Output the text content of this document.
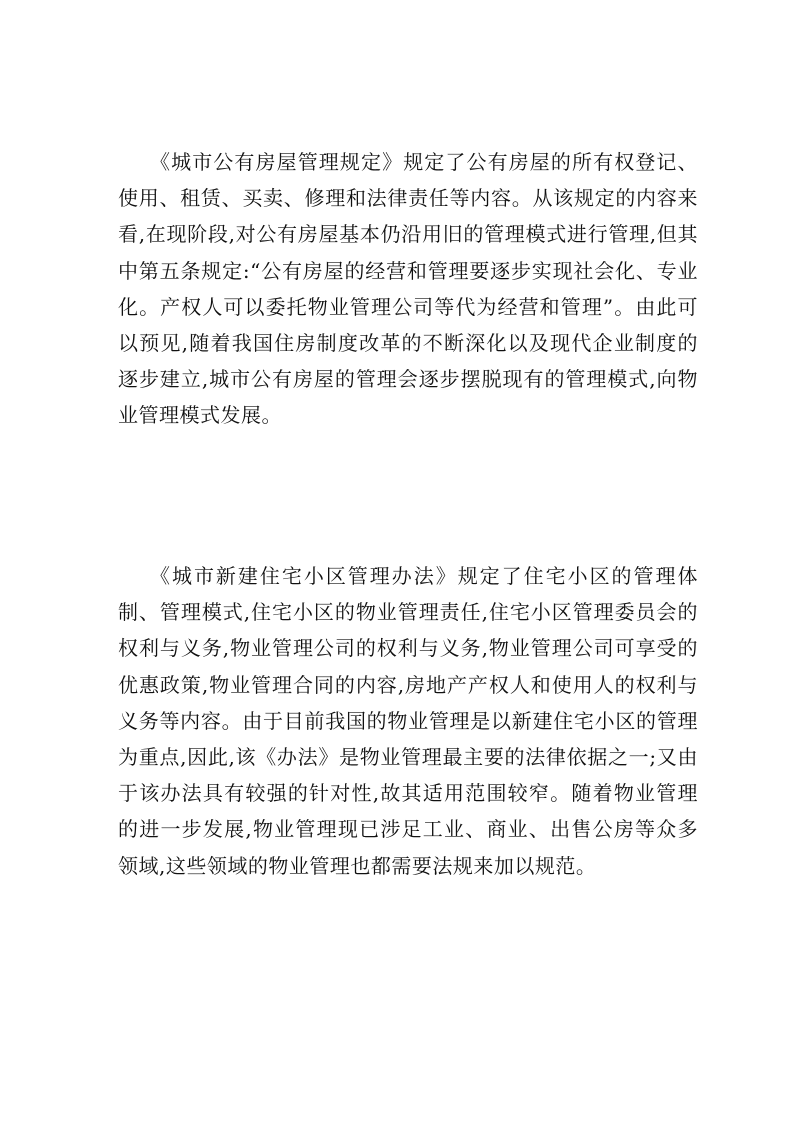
《城市公有房屋管理规定》规定了公有房屋的所有权登记、使用、租赁、买卖、修理和法律责任等内容。从该规定的内容来看,在现阶段,对公有房屋基本仍沿用旧的管理模式进行管理,但其中第五条规定:“公有房屋的经营和管理要逐步实现社会化、专业化。产权人可以委托物业管理公司等代为经营和管理”。由此可以预见,随着我国住房制度改革的不断深化以及现代企业制度的逐步建立,城市公有房屋的管理会逐步摆脱现有的管理模式,向物业管理模式发展。

《城市新建住宅小区管理办法》规定了住宅小区的管理体制、管理模式,住宅小区的物业管理责任,住宅小区管理委员会的权利与义务,物业管理公司的权利与义务,物业管理公司可享受的优惠政策,物业管理合同的内容,房地产产权人和使用人的权利与义务等内容。由于目前我国的物业管理是以新建住宅小区的管理为重点,因此,该《办法》是物业管理最主要的法律依据之一;又由于该办法具有较强的针对性,故其适用范围较窄。随着物业管理的进一步发展,物业管理现已涉足工业、商业、出售公房等众多领域,这些领域的物业管理也都需要法规来加以规范。
